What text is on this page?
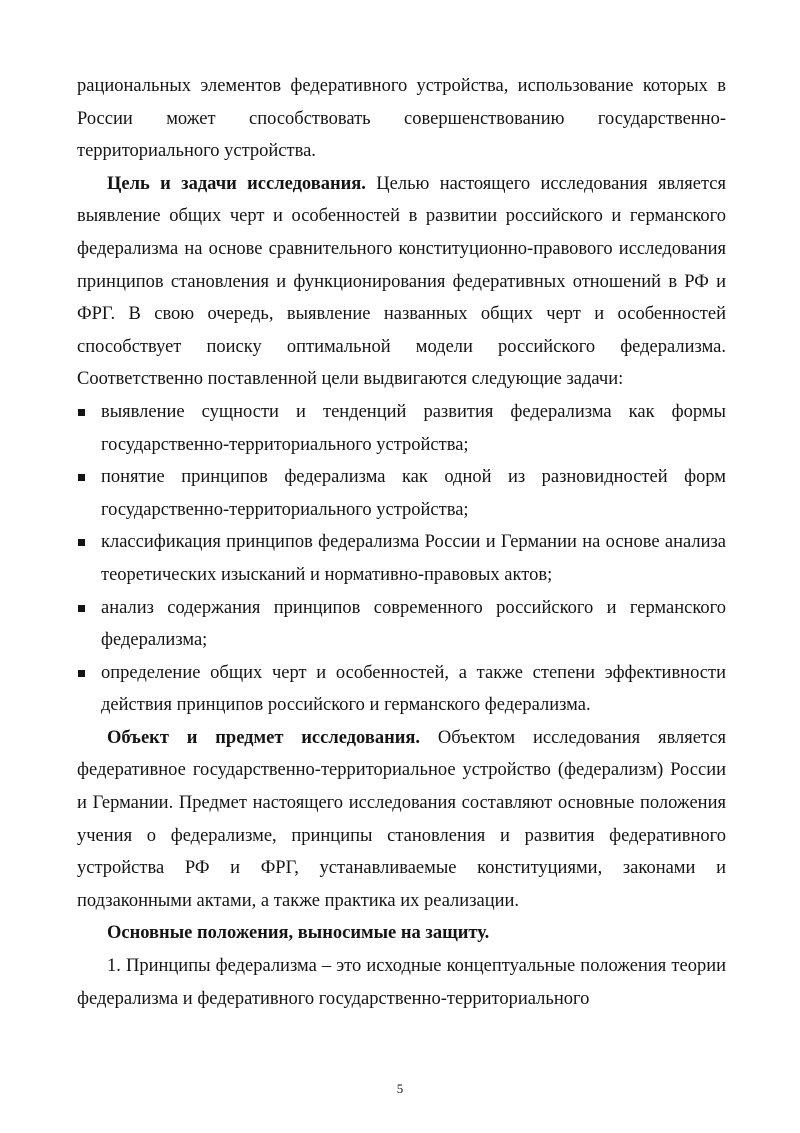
рациональных элементов федеративного устройства, использование которых в России может способствовать совершенствованию государственно-территориального устройства.

Цель и задачи исследования. Целью настоящего исследования является выявление общих черт и особенностей в развитии российского и германского федерализма на основе сравнительного конституционно-правового исследования принципов становления и функционирования федеративных отношений в РФ и ФРГ. В свою очередь, выявление названных общих черт и особенностей способствует поиску оптимальной модели российского федерализма. Соответственно поставленной цели выдвигаются следующие задачи:

выявление сущности и тенденций развития федерализма как формы государственно-территориального устройства;
понятие принципов федерализма как одной из разновидностей форм государственно-территориального устройства;
классификация принципов федерализма России и Германии на основе анализа теоретических изысканий и нормативно-правовых актов;
анализ содержания принципов современного российского и германского федерализма;
определение общих черт и особенностей, а также степени эффективности действия принципов российского и германского федерализма.

Объект и предмет исследования. Объектом исследования является федеративное государственно-территориальное устройство (федерализм) России и Германии. Предмет настоящего исследования составляют основные положения учения о федерализме, принципы становления и развития федеративного устройства РФ и ФРГ, устанавливаемые конституциями, законами и подзаконными актами, а также практика их реализации.

Основные положения, выносимые на защиту.

1. Принципы федерализма – это исходные концептуальные положения теории федерализма и федеративного государственно-территориального

5
